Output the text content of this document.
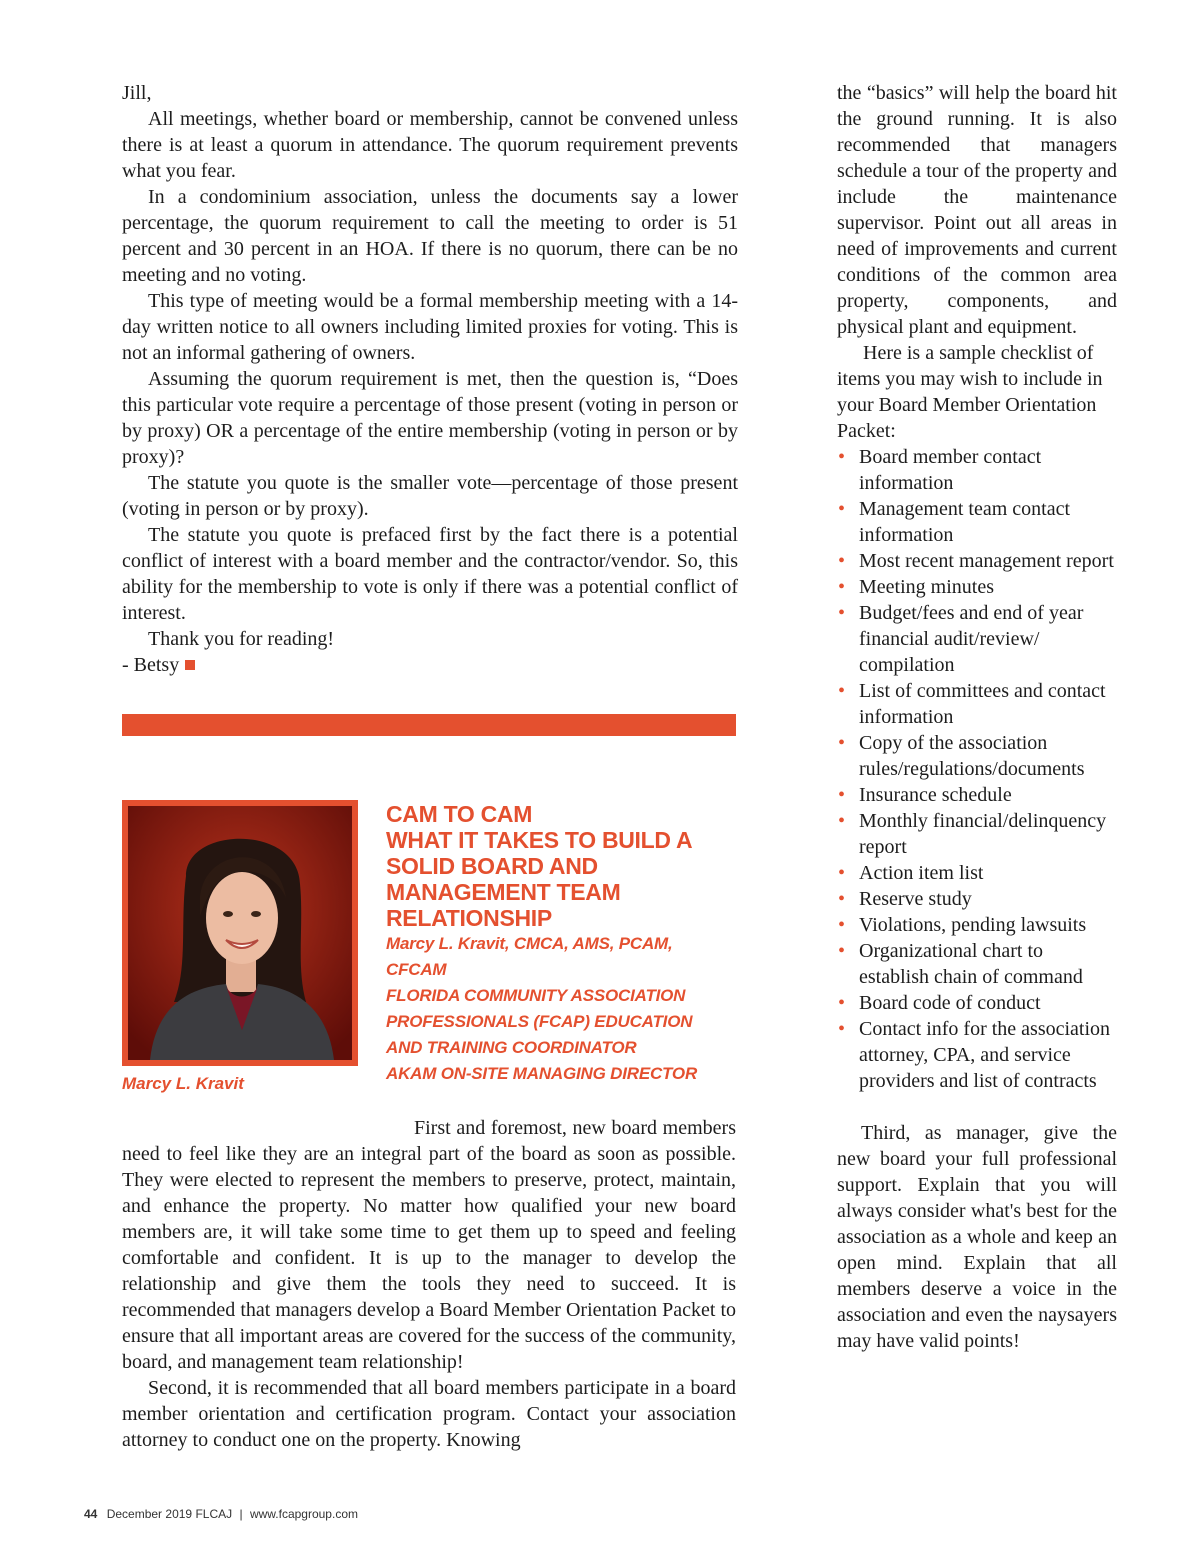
Jill,

All meetings, whether board or membership, cannot be convened unless there is at least a quorum in attendance. The quorum requirement prevents what you fear.

In a condominium association, unless the documents say a lower percentage, the quorum requirement to call the meeting to order is 51 percent and 30 percent in an HOA. If there is no quorum, there can be no meeting and no voting.

This type of meeting would be a formal membership meeting with a 14-day written notice to all owners including limited proxies for voting. This is not an informal gathering of owners.

Assuming the quorum requirement is met, then the question is, “Does this particular vote require a percentage of those present (voting in person or by proxy) OR a percentage of the entire membership (voting in person or by proxy)?

The statute you quote is the smaller vote—percentage of those present (voting in person or by proxy).

The statute you quote is prefaced first by the fact there is a potential conflict of interest with a board member and the contractor/vendor. So, this ability for the membership to vote is only if there was a potential conflict of interest.

Thank you for reading!

- Betsy

Marcy L. Kravit
CAM TO CAM
WHAT IT TAKES TO BUILD A
SOLID BOARD AND
MANAGEMENT TEAM
RELATIONSHIP
Marcy L. Kravit, CMCA, AMS, PCAM,
CFCAM
FLORIDA COMMUNITY ASSOCIATION
PROFESSIONALS (FCAP) EDUCATION
AND TRAINING COORDINATOR
AKAM ON-SITE MANAGING DIRECTOR

First and foremost, new board members need to feel like they are an integral part of the board as soon as possible. They were elected to represent the members to preserve, protect, maintain, and enhance the property. No matter how qualified your new board members are, it will take some time to get them up to speed and feeling comfortable and confident. It is up to the manager to develop the relationship and give them the tools they need to succeed. It is recommended that managers develop a Board Member Orientation Packet to ensure that all important areas are covered for the success of the community, board, and management team relationship!

Second, it is recommended that all board members participate in a board member orientation and certification program. Contact your association attorney to conduct one on the property. Knowing

the “basics” will help the board hit the ground running. It is also recommended that managers schedule a tour of the property and include the maintenance supervisor. Point out all areas in need of improvements and current conditions of the common area property, components, and physical plant and equipment.

Here is a sample checklist of items you may wish to include in your Board Member Orientation Packet:

• Board member contact information
• Management team contact information
• Most recent management report
• Meeting minutes
• Budget/fees and end of year financial audit/review/ compilation
• List of committees and contact information
• Copy of the association rules/regulations/documents
• Insurance schedule
• Monthly financial/delinquency report
• Action item list
• Reserve study
• Violations, pending lawsuits
• Organizational chart to establish chain of command
• Board code of conduct
• Contact info for the association attorney, CPA, and service providers and list of contracts

Third, as manager, give the new board your full professional support. Explain that you will always consider what's best for the association as a whole and keep an open mind. Explain that all members deserve a voice in the association and even the naysayers may have valid points!

44 December 2019 FLCAJ | www.fcapgroup.com
